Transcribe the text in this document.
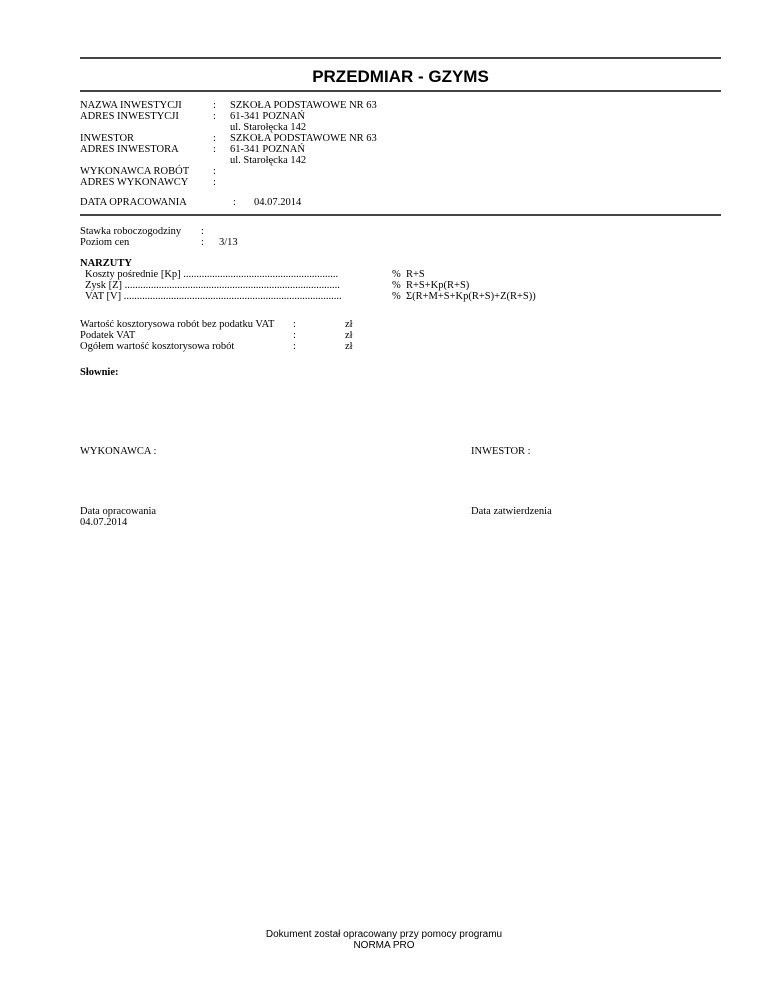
PRZEDMIAR - GZYMS
NAZWA INWESTYCJI	: SZKOŁA PODSTAWOWE NR 63
ADRES INWESTYCJI	: 61-341 POZNAŃ
ul. Starołęcka 142
INWESTOR	: SZKOŁA PODSTAWOWE NR 63
ADRES INWESTORA	: 61-341 POZNAŃ
ul. Starołęcka 142
WYKONAWCA ROBÓT :
ADRES WYKONAWCY :
DATA OPRACOWANIA	: 04.07.2014
Stawka roboczogodziny :
Poziom cen	: 3/13
NARZUTY
Koszty pośrednie [Kp] ...........................................................	% R+S
Zysk [Z] ..................................................................................	% R+S+Kp(R+S)
VAT [V] ...................................................................................	% Σ(R+M+S+Kp(R+S)+Z(R+S))
Wartość kosztorysowa robót bez podatku VAT :	zł
Podatek VAT	:	zł
Ogółem wartość kosztorysowa robót	:	zł
Słownie:
WYKONAWCA :	INWESTOR :
Data opracowania
04.07.2014
Data zatwierdzenia
Dokument został opracowany przy pomocy programu
NORMA PRO
